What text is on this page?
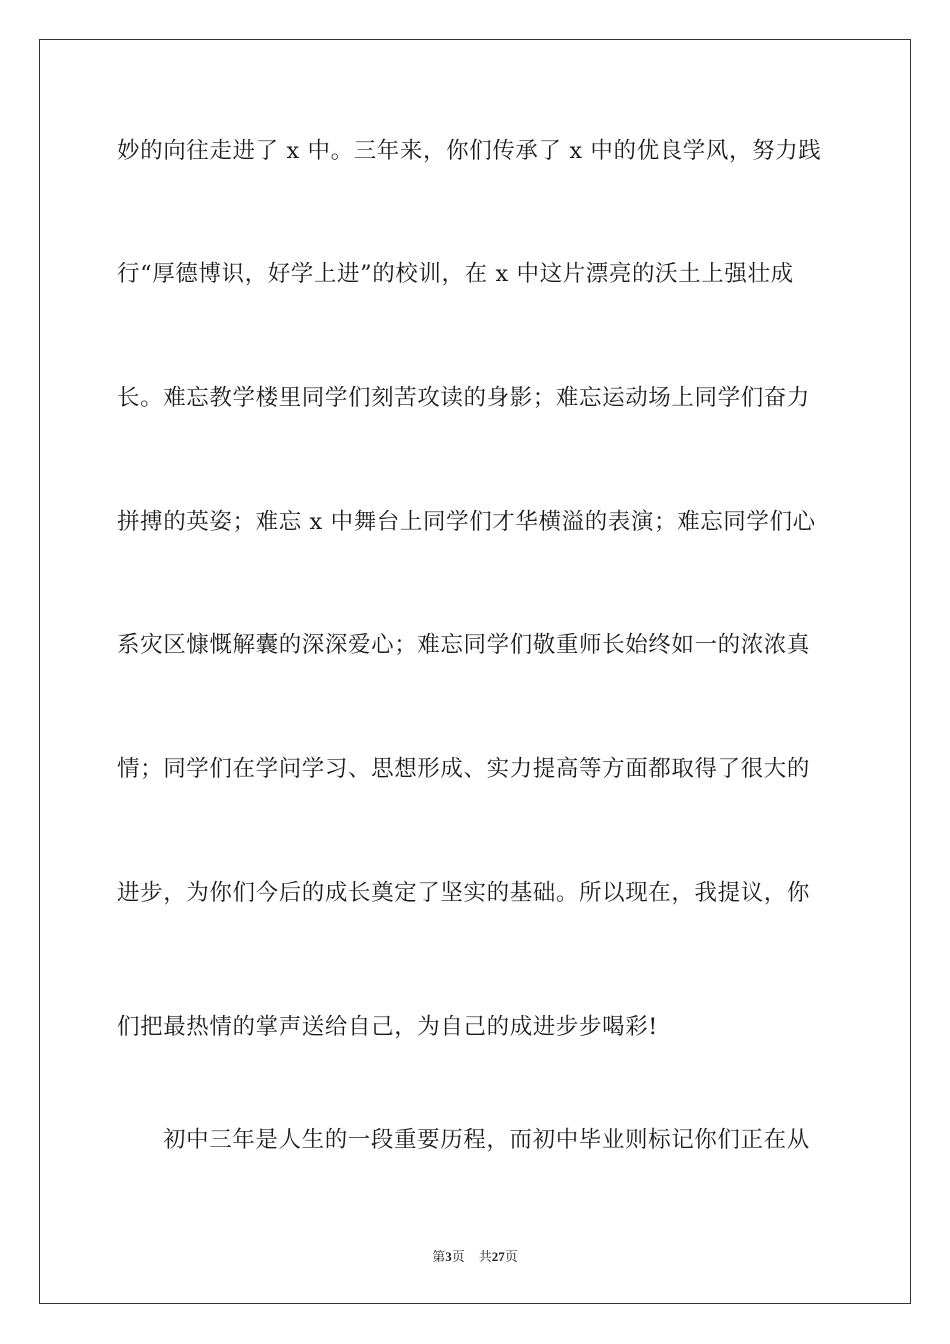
妙的向往走进了 x 中。三年来，你们传承了 x 中的优良学风，努力践
行“厚德博识，好学上进”的校训，在 x 中这片漂亮的沃土上强壮成
长。难忘教学楼里同学们刻苦攻读的身影；难忘运动场上同学们奋力
拼搏的英姿；难忘 x 中舞台上同学们才华横溢的表演；难忘同学们心
系灾区慷慨解囊的深深爱心；难忘同学们敬重师长始终如一的浓浓真
情；同学们在学问学习、思想形成、实力提高等方面都取得了很大的
进步，为你们今后的成长奠定了坚实的基础。所以现在，我提议，你
们把最热情的掌声送给自己，为自己的成进步步喝彩!
初中三年是人生的一段重要历程，而初中毕业则标记你们正在从
第3页 共27页
